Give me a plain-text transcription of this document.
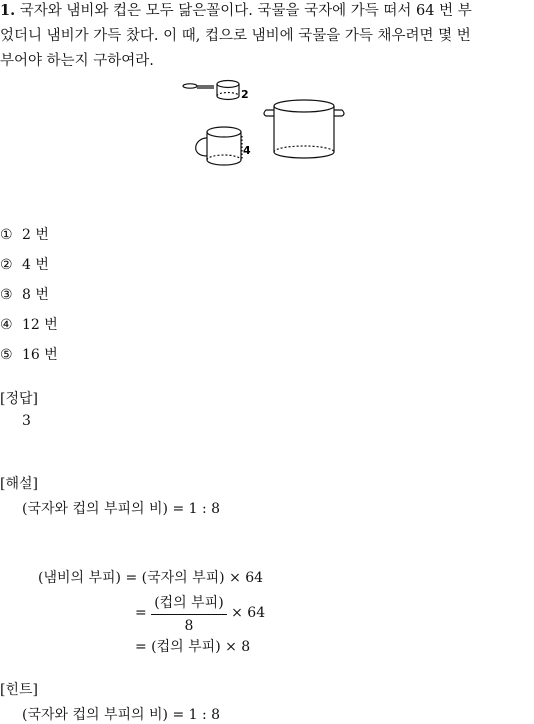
1. 국자와 냄비와 컵은 모두 닮은꼴이다. 국물을 국자에 가득 떠서 64 번 부
었더니 냄비가 가득 찼다. 이 때, 컵으로 냄비에 국물을 가득 채우려면 몇 번
부어야 하는지 구하여라.
2
4
① 2 번
② 4 번
③ 8 번
④ 12 번
⑤ 16 번
[정답]
3
[해설]
(국자와 컵의 부피의 비) = 1 : 8
(냄비의 부피) = (국자의 부피) × 64
= $\frac{\text{(컵의 부피)}}{8} \times 64$
= (컵의 부피) × 8
[힌트]
(국자와 컵의 부피의 비) = 1 : 8
